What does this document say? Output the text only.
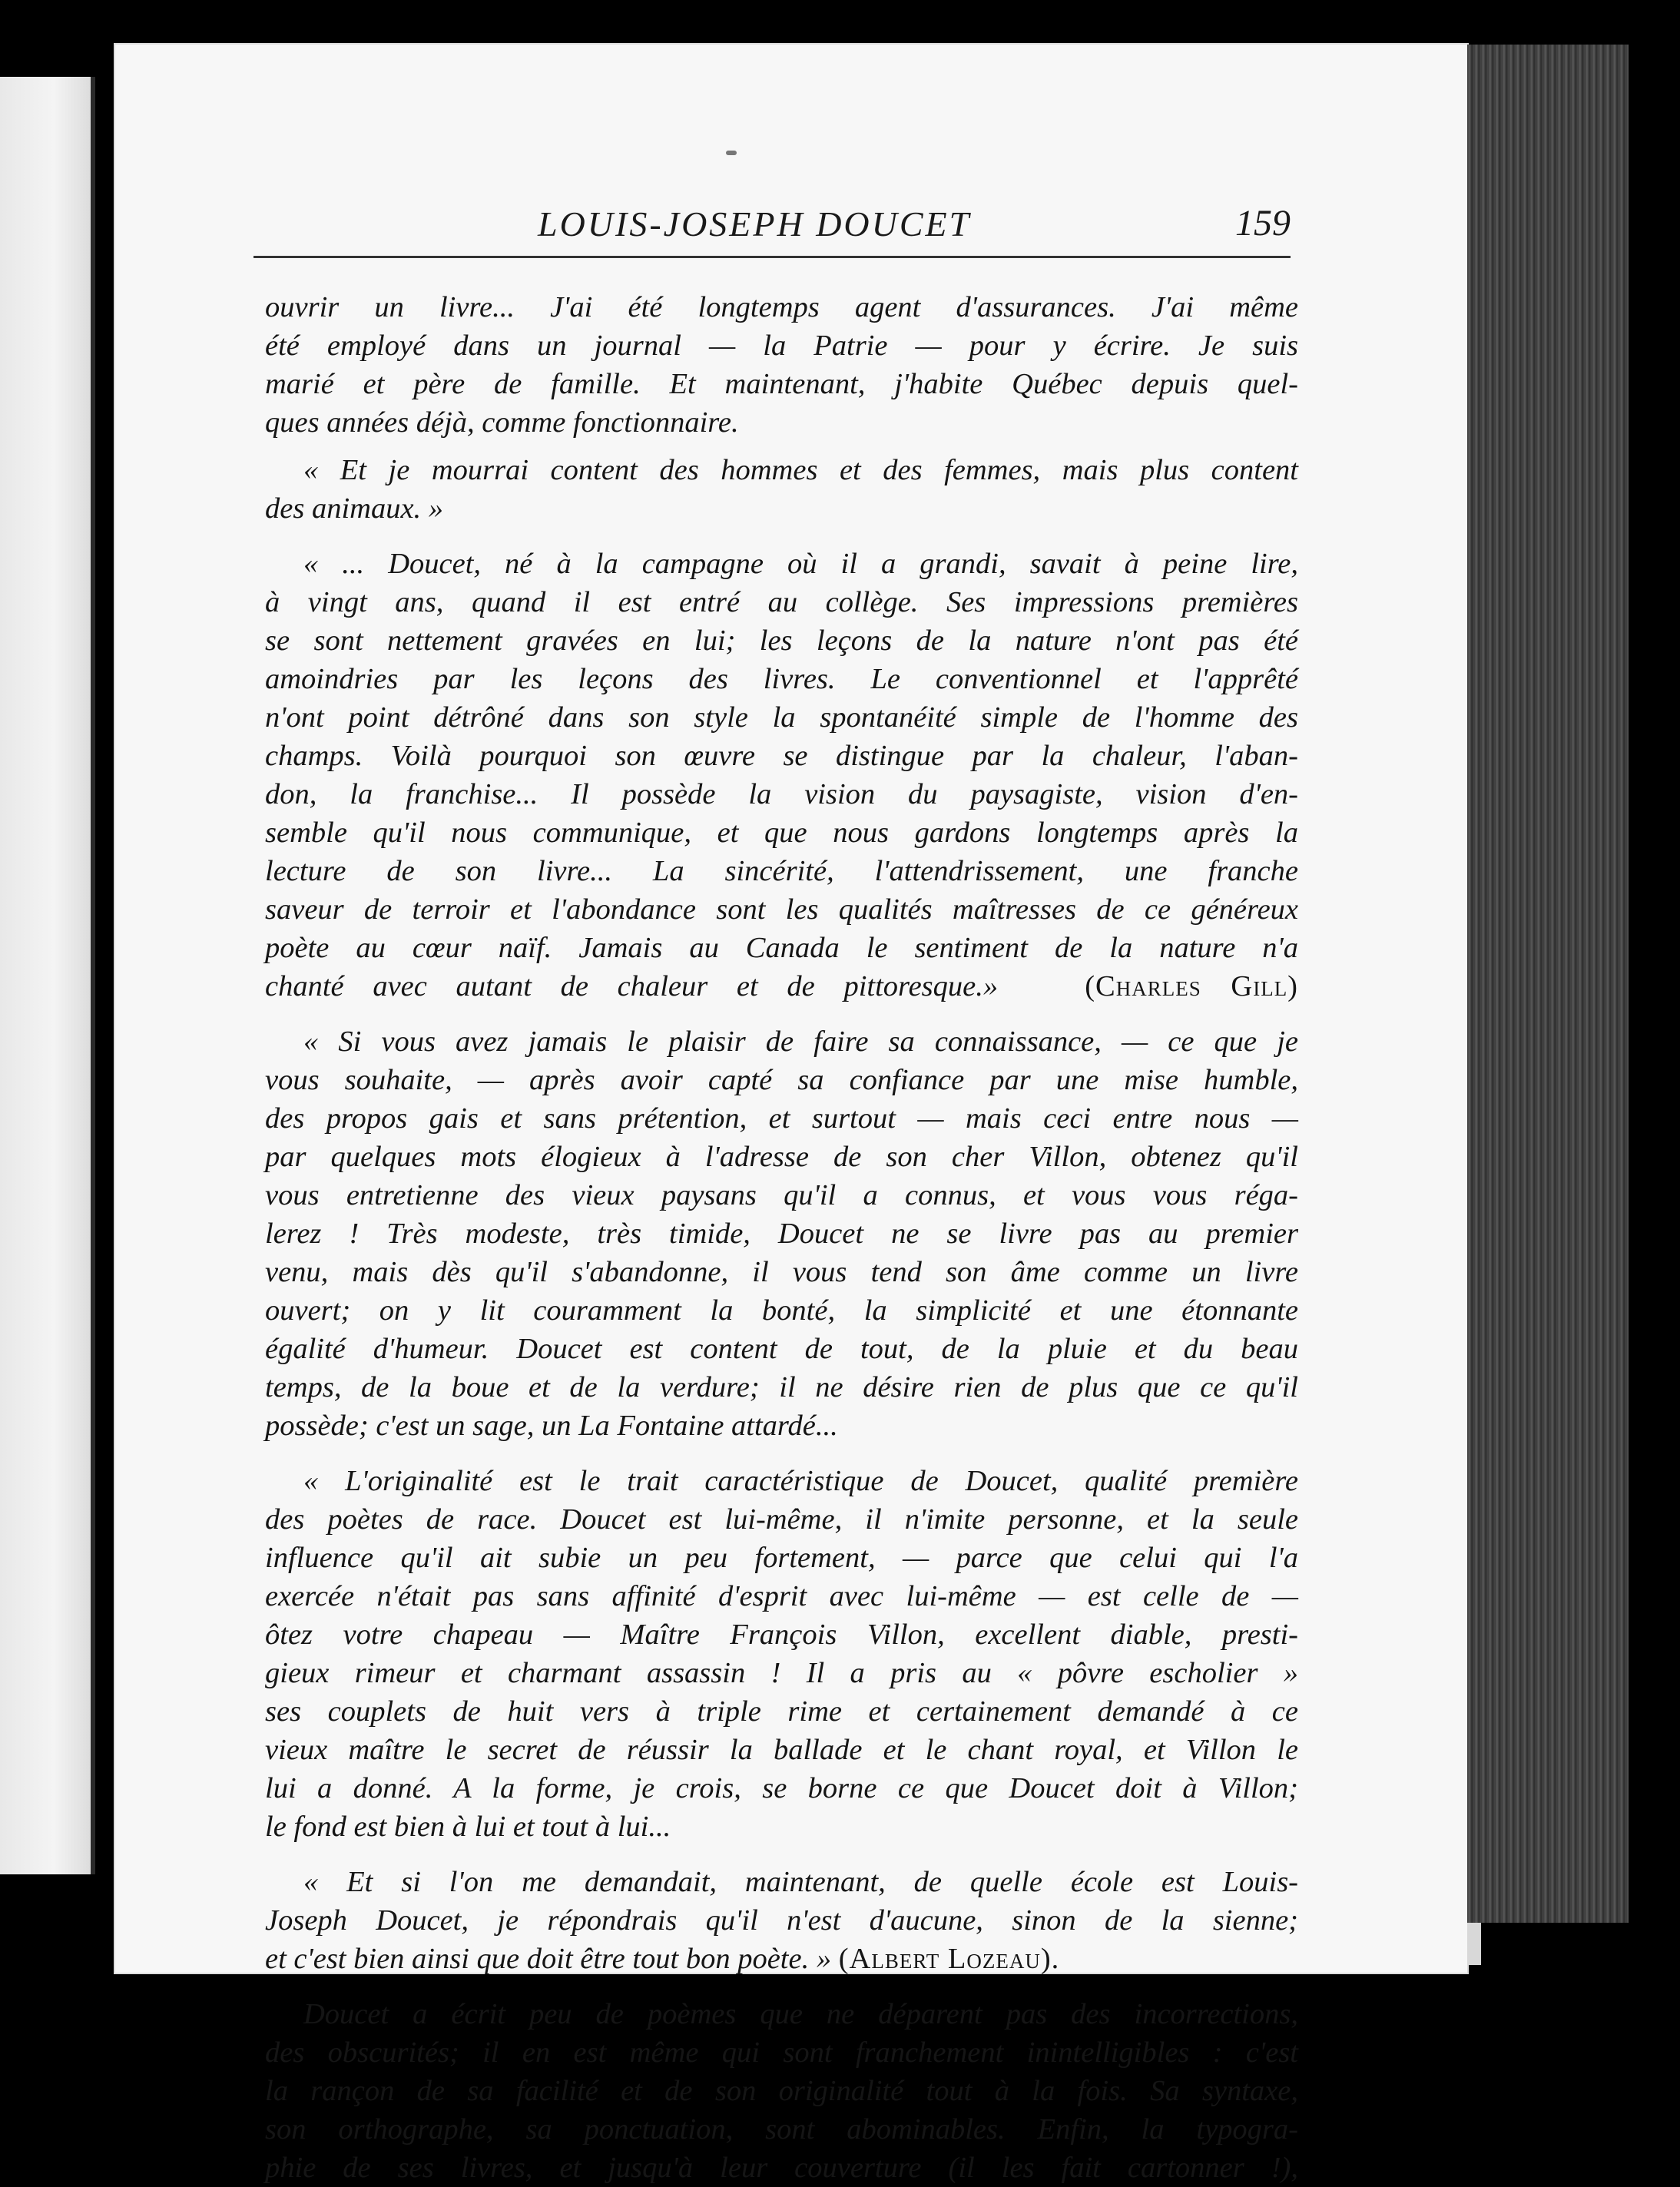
LOUIS-JOSEPH DOUCET	159
ouvrir un livre... J'ai été longtemps agent d'assurances. J'ai même
été employé dans un journal — la Patrie — pour y écrire. Je suis
marié et père de famille. Et maintenant, j'habite Québec depuis quel-
ques années déjà, comme fonctionnaire.
« Et je mourrai content des hommes et des femmes, mais plus content
des animaux. »
« ... Doucet, né à la campagne où il a grandi, savait à peine lire,
à vingt ans, quand il est entré au collège. Ses impressions premières
se sont nettement gravées en lui; les leçons de la nature n'ont pas été
amoindries par les leçons des livres. Le conventionnel et l'apprêté
n'ont point détrôné dans son style la spontanéité simple de l'homme des
champs. Voilà pourquoi son œuvre se distingue par la chaleur, l'aban-
don, la franchise... Il possède la vision du paysagiste, vision d'en-
semble qu'il nous communique, et que nous gardons longtemps après la
lecture de son livre... La sincérité, l'attendrissement, une franche
saveur de terroir et l'abondance sont les qualités maîtresses de ce généreux
poète au cœur naïf. Jamais au Canada le sentiment de la nature n'a
chanté avec autant de chaleur et de pittoresque.»	(Charles Gill)
« Si vous avez jamais le plaisir de faire sa connaissance, — ce que je
vous souhaite, — après avoir capté sa confiance par une mise humble,
des propos gais et sans prétention, et surtout — mais ceci entre nous —
par quelques mots élogieux à l'adresse de son cher Villon, obtenez qu'il
vous entretienne des vieux paysans qu'il a connus, et vous vous réga-
lerez ! Très modeste, très timide, Doucet ne se livre pas au premier
venu, mais dès qu'il s'abandonne, il vous tend son âme comme un livre
ouvert; on y lit couramment la bonté, la simplicité et une étonnante
égalité d'humeur. Doucet est content de tout, de la pluie et du beau
temps, de la boue et de la verdure; il ne désire rien de plus que ce qu'il
possède; c'est un sage, un La Fontaine attardé...
« L'originalité est le trait caractéristique de Doucet, qualité première
des poètes de race. Doucet est lui-même, il n'imite personne, et la seule
influence qu'il ait subie un peu fortement, — parce que celui qui l'a
exercée n'était pas sans affinité d'esprit avec lui-même — est celle de —
ôtez votre chapeau — Maître François Villon, excellent diable, presti-
gieux rimeur et charmant assassin ! Il a pris au « pôvre escholier »
ses couplets de huit vers à triple rime et certainement demandé à ce
vieux maître le secret de réussir la ballade et le chant royal, et Villon le
lui a donné. A la forme, je crois, se borne ce que Doucet doit à Villon;
le fond est bien à lui et tout à lui...
« Et si l'on me demandait, maintenant, de quelle école est Louis-
Joseph Doucet, je répondrais qu'il n'est d'aucune, sinon de la sienne;
et c'est bien ainsi que doit être tout bon poète. » (Albert Lozeau).
Doucet a écrit peu de poèmes que ne déparent pas des incorrections,
des obscurités; il en est même qui sont franchement inintelligibles : c'est
la rançon de sa facilité et de son originalité tout à la fois. Sa syntaxe,
son orthographe, sa ponctuation, sont abominables. Enfin, la typogra-
phie de ses livres, et jusqu'à leur couverture (il les fait cartonner !),
